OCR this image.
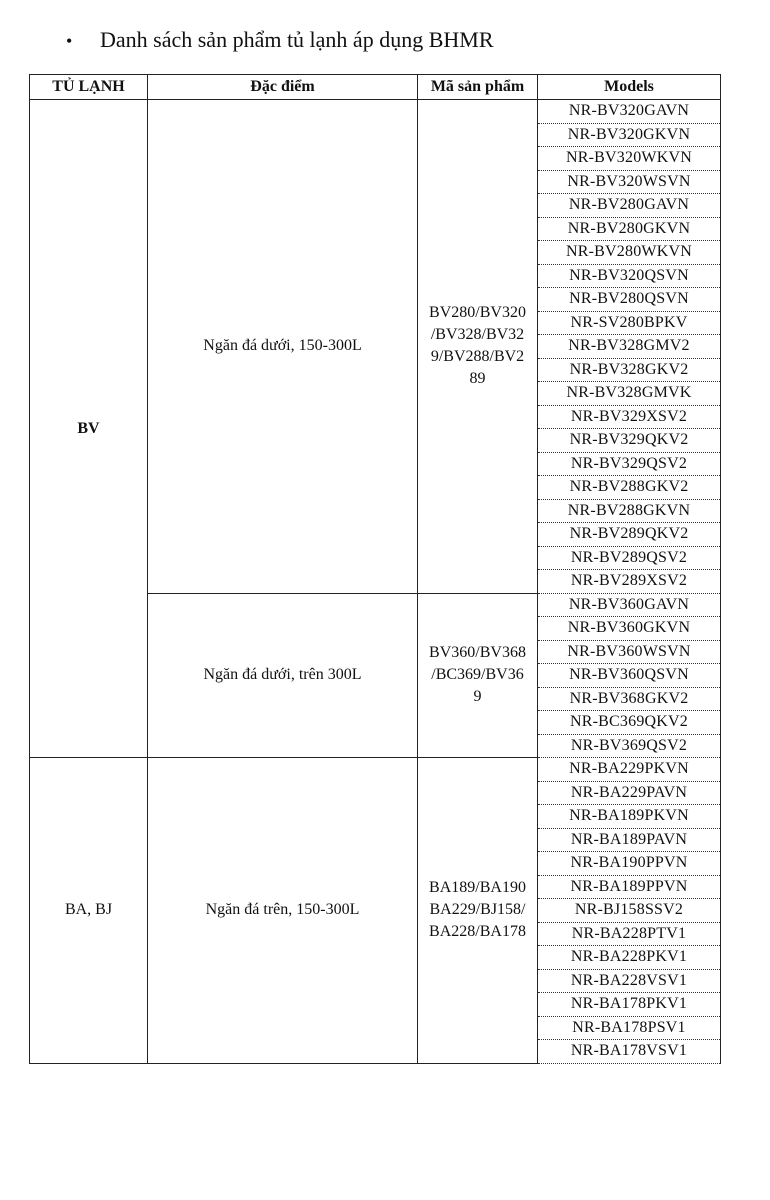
• Danh sách sản phẩm tủ lạnh áp dụng BHMR
TỦ LẠNH	Đặc điểm	Mã sản phẩm	Models
BV	Ngăn đá dưới, 150-300L	BV280/BV320
/BV328/BV32
9/BV288/BV2
89	NR-BV320GAVN
			NR-BV320GKVN
			NR-BV320WKVN
			NR-BV320WSVN
			NR-BV280GAVN
			NR-BV280GKVN
			NR-BV280WKVN
			NR-BV320QSVN
			NR-BV280QSVN
			NR-SV280BPKV
			NR-BV328GMV2
			NR-BV328GKV2
			NR-BV328GMVK
			NR-BV329XSV2
			NR-BV329QKV2
			NR-BV329QSV2
			NR-BV288GKV2
			NR-BV288GKVN
			NR-BV289QKV2
			NR-BV289QSV2
			NR-BV289XSV2
	Ngăn đá dưới, trên 300L	BV360/BV368
/BC369/BV36
9	NR-BV360GAVN
			NR-BV360GKVN
			NR-BV360WSVN
			NR-BV360QSVN
			NR-BV368GKV2
			NR-BC369QKV2
			NR-BV369QSV2
BA, BJ	Ngăn đá trên, 150-300L	BA189/BA190
BA229/BJ158/
BA228/BA178	NR-BA229PKVN
			NR-BA229PAVN
			NR-BA189PKVN
			NR-BA189PAVN
			NR-BA190PPVN
			NR-BA189PPVN
			NR-BJ158SSV2
			NR-BA228PTV1
			NR-BA228PKV1
			NR-BA228VSV1
			NR-BA178PKV1
			NR-BA178PSV1
			NR-BA178VSV1
